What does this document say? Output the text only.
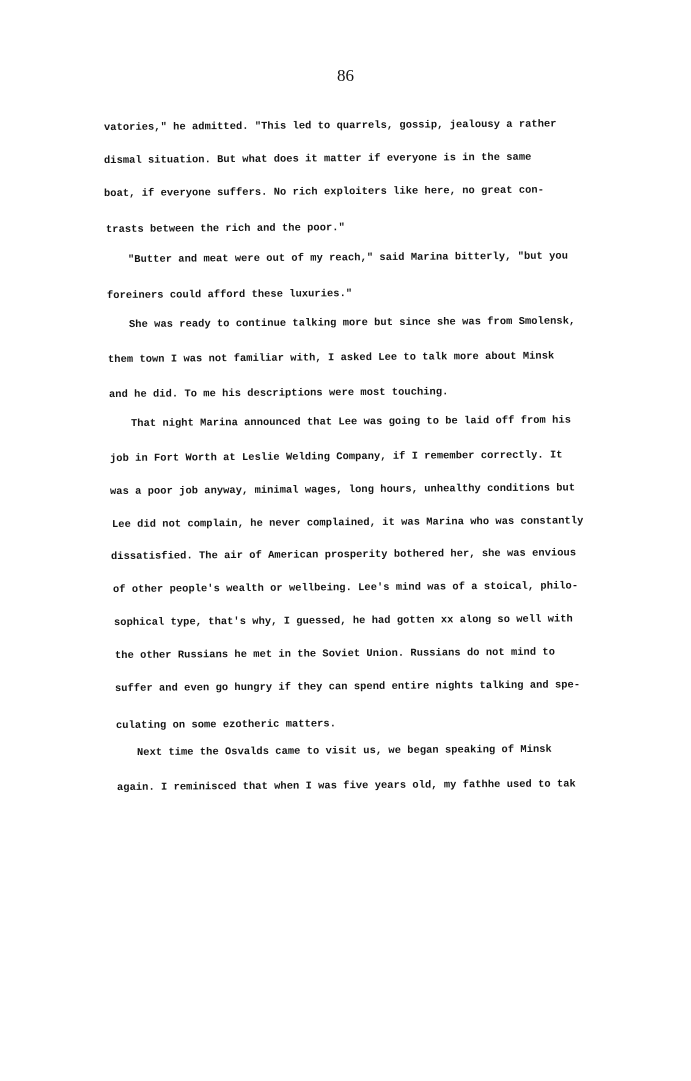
86
vatories," he admitted. "This led to quarrels, gossip, jealousy a rather
dismal situation. But what does it matter if everyone is in the same
boat, if everyone suffers. No rich exploiters like here, no great con-
trasts between the rich and the poor."
"Butter and meat were out of my reach," said Marina bitterly, "but you
foreiners could afford these luxuries."
She was ready to continue talking more but since she was from Smolensk,
them town I was not familiar with, I asked Lee to talk more about Minsk
and he did. To me his descriptions were most touching.
That night Marina announced that Lee was going to be laid off from his
job in Fort Worth at Leslie Welding Company, if I remember correctly. It
was a poor job anyway, minimal wages, long hours, unhealthy conditions but
Lee did not complain, he never complained, it was Marina who was constantly
dissatisfied. The air of American prosperity bothered her, she was envious
of other people's wealth or wellbeing. Lee's mind was of a stoical, philo-
sophical type, that's why, I guessed, he had gotten xx along so well with
the other Russians he met in the Soviet Union. Russians do not mind to
suffer and even go hungry if they can spend entire nights talking and spe-
culating on some ezotheric matters.
Next time the Osvalds came to visit us, we began speaking of Minsk
again. I reminisced that when I was five years old, my fathhe used to tak
